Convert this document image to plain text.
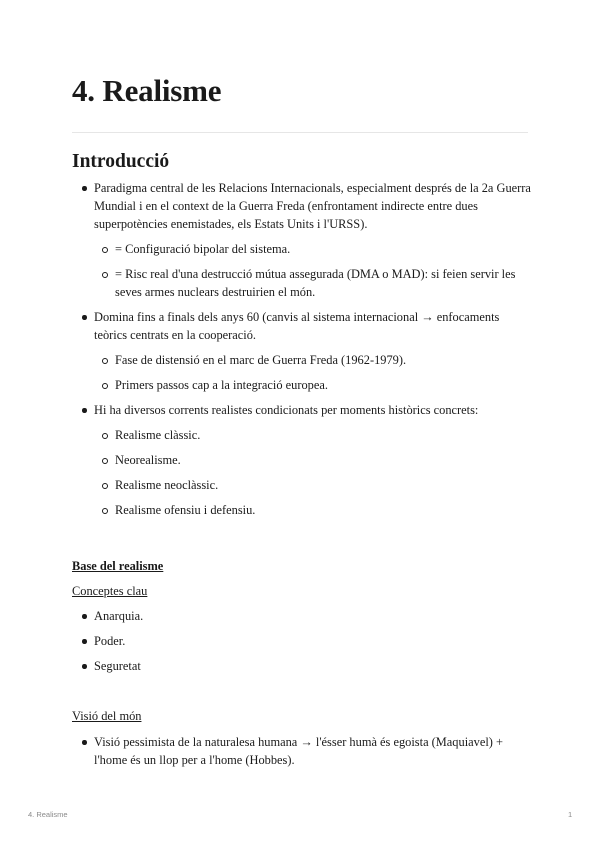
4. Realisme
Introducció
Paradigma central de les Relacions Internacionals, especialment després de la 2a Guerra Mundial i en el context de la Guerra Freda (enfrontament indirecte entre dues superpotències enemistades, els Estats Units i l'URSS).
= Configuració bipolar del sistema.
= Risc real d'una destrucció mútua assegurada (DMA o MAD): si feien servir les seves armes nuclears destruirien el món.
Domina fins a finals dels anys 60 (canvis al sistema internacional → enfocaments teòrics centrats en la cooperació.
Fase de distensió en el marc de Guerra Freda (1962-1979).
Primers passos cap a la integració europea.
Hi ha diversos corrents realistes condicionats per moments històrics concrets:
Realisme clàssic.
Neorealisme.
Realisme neoclàssic.
Realisme ofensiu i defensiu.
Base del realisme
Conceptes clau
Anarquia.
Poder.
Seguretat
Visió del món
Visió pessimista de la naturalesa humana → l'ésser humà és egoista (Maquiavel) + l'home és un llop per a l'home (Hobbes).
4. Realisme	1
